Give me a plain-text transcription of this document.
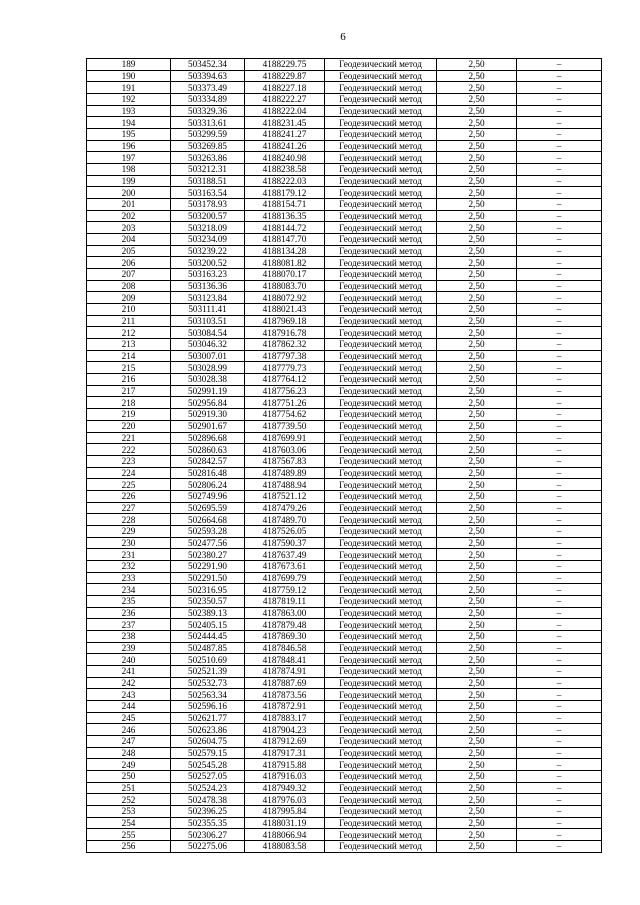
6
189	503452.34	4188229.75	Геодезический метод	2,50	–
190	503394.63	4188229.87	Геодезический метод	2,50	–
191	503373.49	4188227.18	Геодезический метод	2,50	–
192	503334.89	4188222.27	Геодезический метод	2,50	–
193	503329.36	4188222.04	Геодезический метод	2,50	–
194	503313.61	4188231.45	Геодезический метод	2,50	–
195	503299.59	4188241.27	Геодезический метод	2,50	–
196	503269.85	4188241.26	Геодезический метод	2,50	–
197	503263.86	4188240.98	Геодезический метод	2,50	–
198	503212.31	4188238.58	Геодезический метод	2,50	–
199	503188.51	4188222.03	Геодезический метод	2,50	–
200	503163.54	4188179.12	Геодезический метод	2,50	–
201	503178.93	4188154.71	Геодезический метод	2,50	–
202	503200.57	4188136.35	Геодезический метод	2,50	–
203	503218.09	4188144.72	Геодезический метод	2,50	–
204	503234.09	4188147.70	Геодезический метод	2,50	–
205	503239.22	4188134.28	Геодезический метод	2,50	–
206	503200.52	4188081.82	Геодезический метод	2,50	–
207	503163.23	4188070.17	Геодезический метод	2,50	–
208	503136.36	4188083.70	Геодезический метод	2,50	–
209	503123.84	4188072.92	Геодезический метод	2,50	–
210	503111.41	4188021.43	Геодезический метод	2,50	–
211	503103.51	4187969.18	Геодезический метод	2,50	–
212	503084.54	4187916.78	Геодезический метод	2,50	–
213	503046.32	4187862.32	Геодезический метод	2,50	–
214	503007.01	4187797.38	Геодезический метод	2,50	–
215	503028.99	4187779.73	Геодезический метод	2,50	–
216	503028.38	4187764.12	Геодезический метод	2,50	–
217	502991.19	4187756.23	Геодезический метод	2,50	–
218	502956.84	4187751.26	Геодезический метод	2,50	–
219	502919.30	4187754.62	Геодезический метод	2,50	–
220	502901.67	4187739.50	Геодезический метод	2,50	–
221	502896.68	4187699.91	Геодезический метод	2,50	–
222	502860.63	4187603.06	Геодезический метод	2,50	–
223	502842.57	4187567.83	Геодезический метод	2,50	–
224	502816.48	4187489.89	Геодезический метод	2,50	–
225	502806.24	4187488.94	Геодезический метод	2,50	–
226	502749.96	4187521.12	Геодезический метод	2,50	–
227	502695.59	4187479.26	Геодезический метод	2,50	–
228	502664.68	4187489.70	Геодезический метод	2,50	–
229	502593.28	4187526.05	Геодезический метод	2,50	–
230	502477.56	4187590.37	Геодезический метод	2,50	–
231	502380.27	4187637.49	Геодезический метод	2,50	–
232	502291.90	4187673.61	Геодезический метод	2,50	–
233	502291.50	4187699.79	Геодезический метод	2,50	–
234	502316.95	4187759.12	Геодезический метод	2,50	–
235	502350.57	4187819.11	Геодезический метод	2,50	–
236	502389.13	4187863.00	Геодезический метод	2,50	–
237	502405.15	4187879.48	Геодезический метод	2,50	–
238	502444.45	4187869.30	Геодезический метод	2,50	–
239	502487.85	4187846.58	Геодезический метод	2,50	–
240	502510.69	4187848.41	Геодезический метод	2,50	–
241	502521.39	4187874.91	Геодезический метод	2,50	–
242	502532.73	4187887.69	Геодезический метод	2,50	–
243	502563.34	4187873.56	Геодезический метод	2,50	–
244	502596.16	4187872.91	Геодезический метод	2,50	–
245	502621.77	4187883.17	Геодезический метод	2,50	–
246	502623.86	4187904.23	Геодезический метод	2,50	–
247	502604.75	4187912.69	Геодезический метод	2,50	–
248	502579.15	4187917.31	Геодезический метод	2,50	–
249	502545.28	4187915.88	Геодезический метод	2,50	–
250	502527.05	4187916.03	Геодезический метод	2,50	–
251	502524.23	4187949.32	Геодезический метод	2,50	–
252	502478.38	4187976.03	Геодезический метод	2,50	–
253	502396.25	4187995.84	Геодезический метод	2,50	–
254	502355.35	4188031.19	Геодезический метод	2,50	–
255	502306.27	4188066.94	Геодезический метод	2,50	–
256	502275.06	4188083.58	Геодезический метод	2,50	–
